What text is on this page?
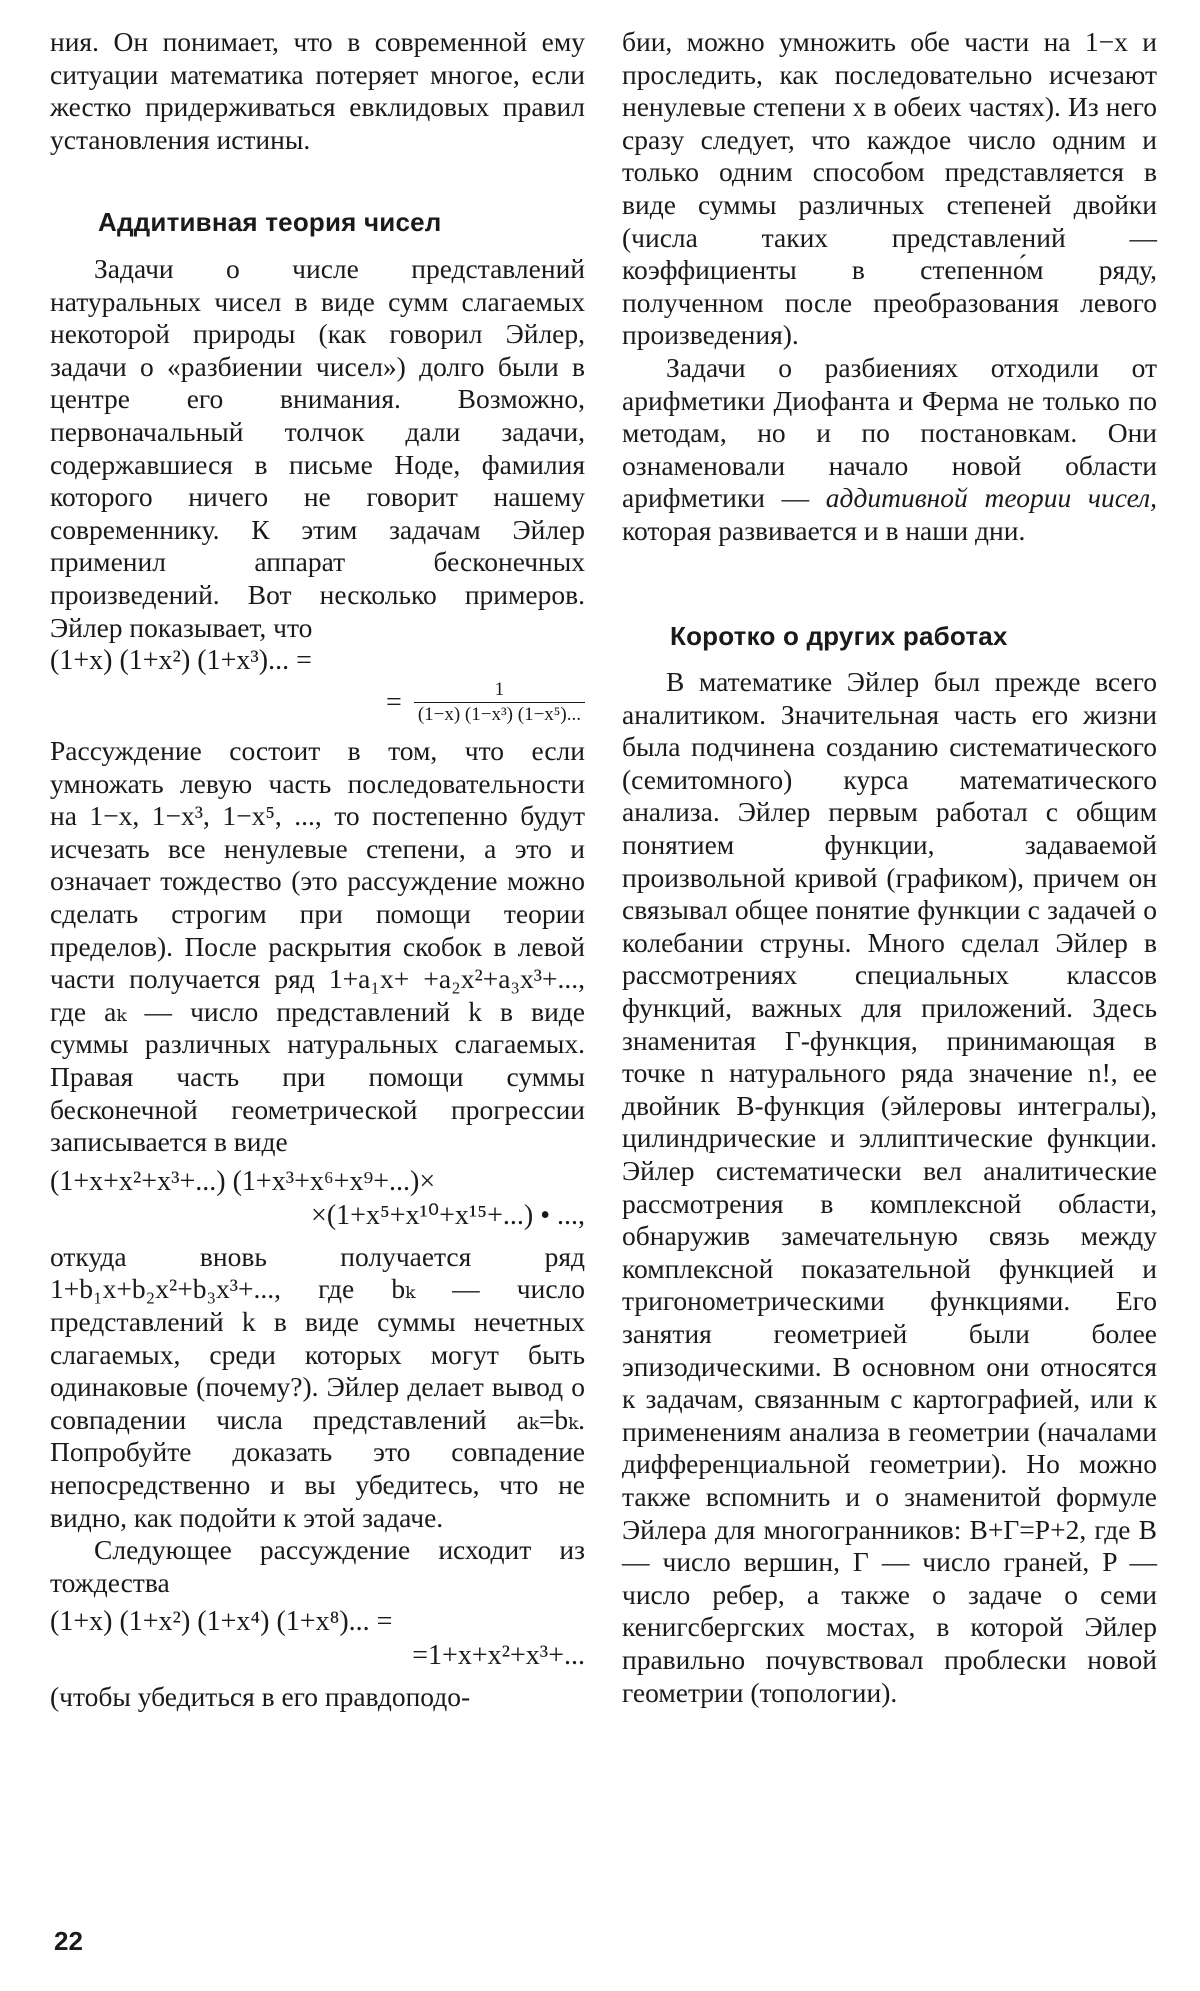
ния. Он понимает, что в современной ему ситуации математика потеряет многое, если жестко придерживаться евклидовых правил установления истины.

Аддитивная теория чисел

Задачи о числе представлений натуральных чисел в виде сумм слагаемых некоторой природы (как говорил Эйлер, задачи о «разбиении чисел») долго были в центре его внимания. Возможно, первоначальный толчок дали задачи, содержавшиеся в письме Ноде, фамилия которого ничего не говорит нашему современнику. К этим задачам Эйлер применил аппарат бесконечных произведений. Вот несколько примеров. Эйлер показывает, что

(1+x) (1+x²) (1+x³)... =
= $\frac{1}{\text{(1−x) (1−x³) (1−x⁵)...}}$

Рассуждение состоит в том, что если умножать левую часть последовательности на 1−x, 1−x³, 1−x⁵, ..., то постепенно будут исчезать все ненулевые степени, а это и означает тождество (это рассуждение можно сделать строгим при помощи теории пределов). После раскрытия скобок в левой части получается ряд 1+a₁x+ +a₂x²+a₃x³+..., где aₖ — число представлений k в виде суммы различных натуральных слагаемых. Правая часть при помощи суммы бесконечной геометрической прогрессии записывается в виде

(1+x+x²+x³+...) (1+x³+x⁶+x⁹+...)×
×(1+x⁵+x¹⁰+x¹⁵+...) • ...,

откуда вновь получается ряд 1+b₁x+b₂x²+b₃x³+..., где bₖ — число представлений k в виде суммы нечетных слагаемых, среди которых могут быть одинаковые (почему?). Эйлер делает вывод о совпадении числа представлений aₖ=bₖ. Попробуйте доказать это совпадение непосредственно и вы убедитесь, что не видно, как подойти к этой задаче.

Следующее рассуждение исходит из тождества

(1+x) (1+x²) (1+x⁴) (1+x⁸)... =
=1+x+x²+x³+...

(чтобы убедиться в его правдоподо-

бии, можно умножить обе части на 1−x и проследить, как последовательно исчезают ненулевые степени x в обеих частях). Из него сразу следует, что каждое число одним и только одним способом представляется в виде суммы различных степеней двойки (числа таких представлений — коэффициенты в степенно́м ряду, полученном после преобразования левого произведения).

Задачи о разбиениях отходили от арифметики Диофанта и Ферма не только по методам, но и по постановкам. Они ознаменовали начало новой области арифметики — аддитивной теории чисел, которая развивается и в наши дни.

Коротко о других работах

В математике Эйлер был прежде всего аналитиком. Значительная часть его жизни была подчинена созданию систематического (семитомного) курса математического анализа. Эйлер первым работал с общим понятием функции, задаваемой произвольной кривой (графиком), причем он связывал общее понятие функции с задачей о колебании струны. Много сделал Эйлер в рассмотрениях специальных классов функций, важных для приложений. Здесь знаменитая Г-функция, принимающая в точке n натурального ряда значение n!, ее двойник B-функция (эйлеровы интегралы), цилиндрические и эллиптические функции. Эйлер систематически вел аналитические рассмотрения в комплексной области, обнаружив замечательную связь между комплексной показательной функцией и тригонометрическими функциями. Его занятия геометрией были более эпизодическими. В основном они относятся к задачам, связанным с картографией, или к применениям анализа в геометрии (началами дифференциальной геометрии). Но можно также вспомнить и о знаменитой формуле Эйлера для многогранников: B+Г=P+2, где B — число вершин, Г — число граней, P — число ребер, а также о задаче о семи кенигсбергских мостах, в которой Эйлер правильно почувствовал проблески новой геометрии (топологии).

22
